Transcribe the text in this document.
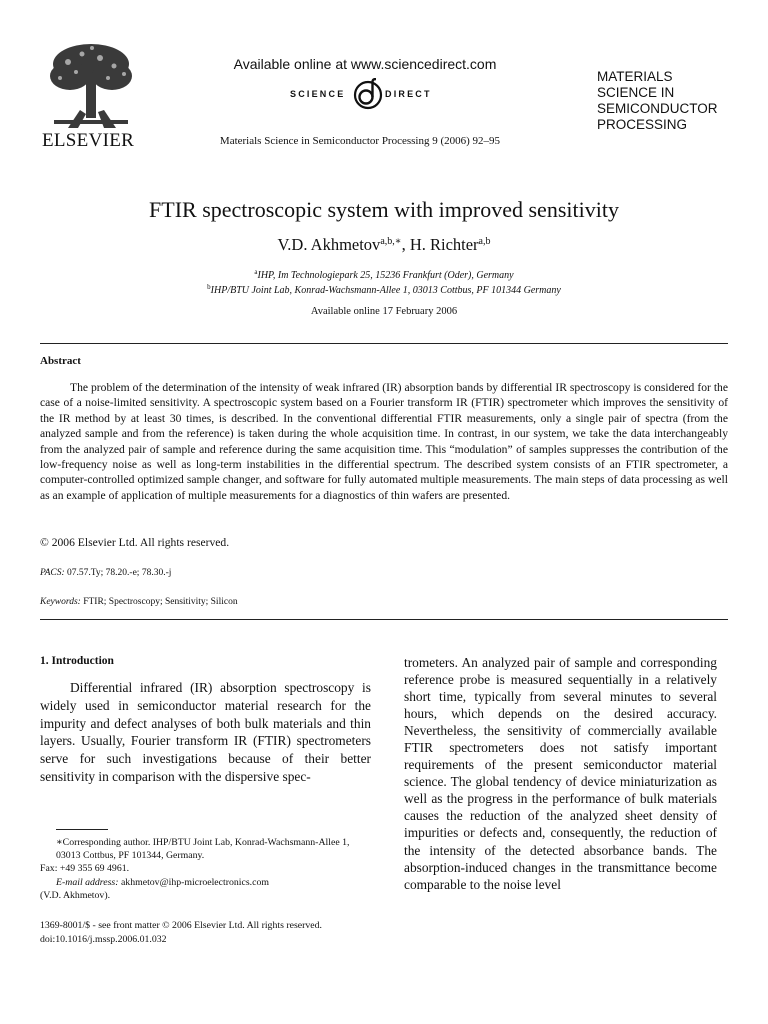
ELSEVIER
Available online at www.sciencedirect.com
SCIENCE	DIRECT
Materials Science in Semiconductor Processing 9 (2006) 92–95
MATERIALS
SCIENCE IN
SEMICONDUCTOR
PROCESSING
FTIR spectroscopic system with improved sensitivity
V.D. Akhmetov$^{a,b,∗}$, H. Richter$^{a,b}$
$^a$IHP, Im Technologiepark 25, 15236 Frankfurt (Oder), Germany
$^b$IHP/BTU Joint Lab, Konrad-Wachsmann-Allee 1, 03013 Cottbus, PF 101344 Germany
Available online 17 February 2006
Abstract
The problem of the determination of the intensity of weak infrared (IR) absorption bands by differential IR spectroscopy is considered for the case of a noise-limited sensitivity. A spectroscopic system based on a Fourier transform IR (FTIR) spectrometer which improves the sensitivity of the IR method by at least 30 times, is described. In the conventional differential FTIR measurements, only a single pair of spectra (from the analyzed sample and from the reference) is taken during the whole acquisition time. In contrast, in our system, we take the data interchangeably from the analyzed pair of sample and reference during the same acquisition time. This “modulation” of samples suppresses the contribution of the low-frequency noise as well as long-term instabilities in the differential spectrum. The described system consists of an FTIR spectrometer, a computer-controlled optimized sample changer, and software for fully automated multiple measurements. The main steps of data processing as well as an example of application of multiple measurements for a diagnostics of thin wafers are presented.
© 2006 Elsevier Ltd. All rights reserved.
PACS: 07.57.Ty; 78.20.-e; 78.30.-j
Keywords: FTIR; Spectroscopy; Sensitivity; Silicon
1. Introduction
Differential infrared (IR) absorption spectroscopy is widely used in semiconductor material research for the impurity and defect analyses of both bulk materials and thin layers. Usually, Fourier transform IR (FTIR) spectrometers serve for such investigations because of their better sensitivity in comparison with the dispersive spec-
∗Corresponding author. IHP/BTU Joint Lab, Konrad-Wachsmann-Allee 1, 03013 Cottbus, PF 101344, Germany.
Fax: +49 355 69 4961.
E-mail address: akhmetov@ihp-microelectronics.com
(V.D. Akhmetov).
1369-8001/$ - see front matter © 2006 Elsevier Ltd. All rights reserved.
doi:10.1016/j.mssp.2006.01.032
trometers. An analyzed pair of sample and corresponding reference probe is measured sequentially in a relatively short time, typically from several minutes to several hours, which depends on the desired accuracy. Nevertheless, the sensitivity of commercially available FTIR spectrometers does not satisfy important requirements of the present semiconductor material science. The global tendency of device miniaturization as well as the progress in the performance of bulk materials causes the reduction of the analyzed sheet density of impurities or defects and, consequently, the reduction of the intensity of the detected absorbance bands. The absorption-induced changes in the transmittance become comparable to the noise level
